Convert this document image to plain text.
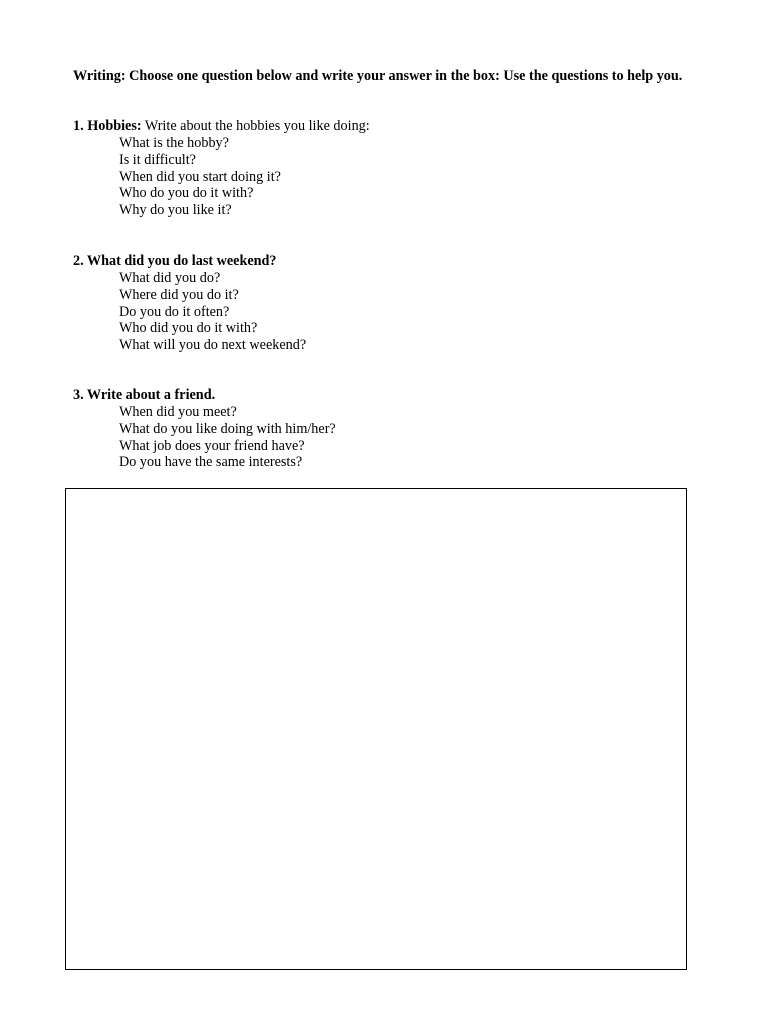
Writing: Choose one question below and write your answer in the box: Use the questions to help you.

1. Hobbies: Write about the hobbies you like doing:

What is the hobby?
Is it difficult?
When did you start doing it?
Who do you do it with?
Why do you like it?

2. What did you do last weekend?

What did you do?
Where did you do it?
Do you do it often?
Who did you do it with?
What will you do next weekend?

3. Write about a friend.

When did you meet?
What do you like doing with him/her?
What job does your friend have?
Do you have the same interests?
